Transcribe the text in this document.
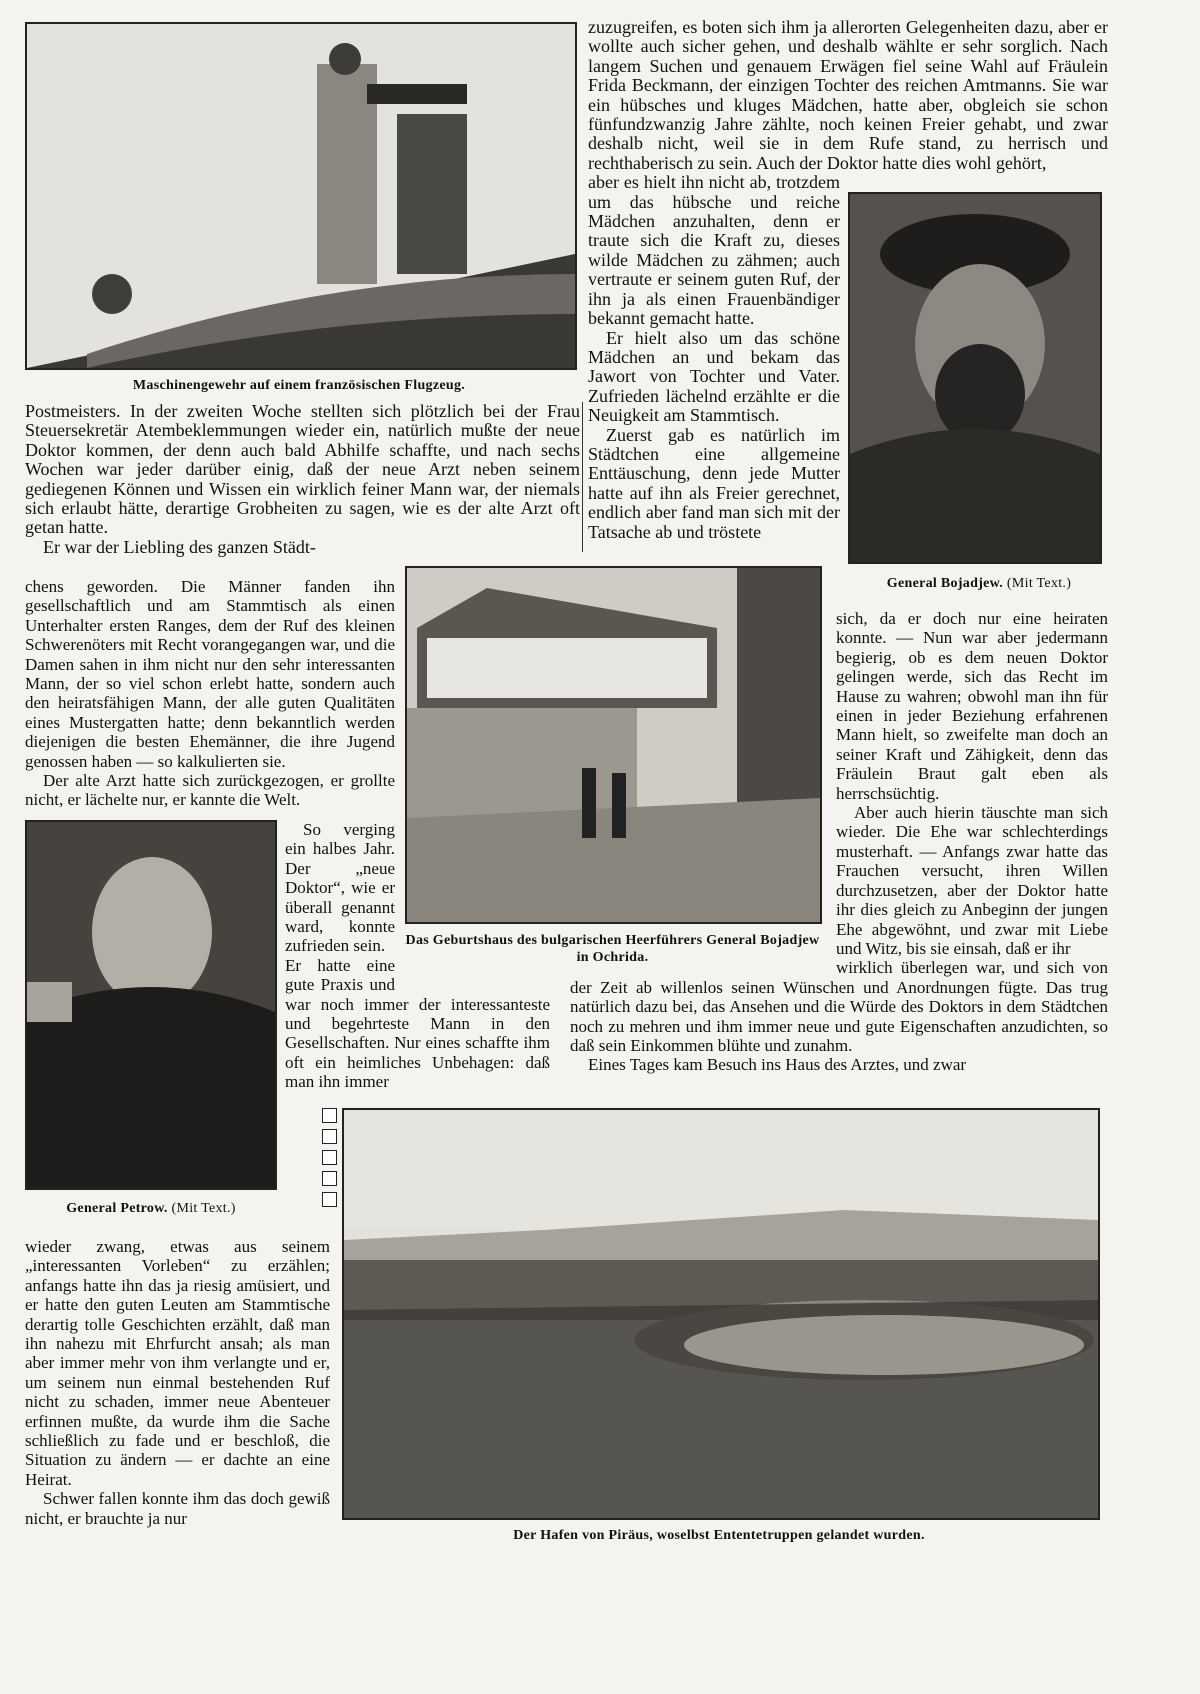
Maschinengewehr auf einem französischen Flugzeug.

zuzugreifen, es boten sich ihm ja allerorten Gelegenheiten dazu, aber er wollte auch sicher gehen, und deshalb wählte er sehr sorglich. Nach langem Suchen und genauem Erwägen fiel seine Wahl auf Fräulein Frida Beckmann, der einzigen Tochter des reichen Amtmanns. Sie war ein hübsches und kluges Mädchen, hatte aber, obgleich sie schon fünfundzwanzig Jahre zählte, noch keinen Freier gehabt, und zwar deshalb nicht, weil sie in dem Rufe stand, zu herrisch und rechthaberisch zu sein. Auch der Doktor hatte dies wohl gehört,

aber es hielt ihn nicht ab, trotzdem um das hübsche und reiche Mädchen anzuhalten, denn er traute sich die Kraft zu, dieses wilde Mädchen zu zähmen; auch vertraute er seinem guten Ruf, der ihn ja als einen Frauenbändiger bekannt gemacht hatte.

Er hielt also um das schöne Mädchen an und bekam das Jawort von Tochter und Vater. Zufrieden lächelnd erzählte er die Neuigkeit am Stammtisch.

Zuerst gab es natürlich im Städtchen eine allgemeine Enttäuschung, denn jede Mutter hatte auf ihn als Freier gerechnet, endlich aber fand man sich mit der Tatsache ab und tröstete

General Bojadjew. (Mit Text.)

Postmeisters. In der zweiten Woche stellten sich plötzlich bei der Frau Steuersekretär Atembeklemmungen wieder ein, natürlich mußte der neue Doktor kommen, der denn auch bald Abhilfe schaffte, und nach sechs Wochen war jeder darüber einig, daß der neue Arzt neben seinem gediegenen Können und Wissen ein wirklich feiner Mann war, der niemals sich erlaubt hätte, derartige Grobheiten zu sagen, wie es der alte Arzt oft getan hatte.

Er war der Liebling des ganzen Städt-

chens geworden. Die Männer fanden ihn gesellschaftlich und am Stammtisch als einen Unterhalter ersten Ranges, dem der Ruf des kleinen Schwerenöters mit Recht vorangegangen war, und die Damen sahen in ihm nicht nur den sehr interessanten Mann, der so viel schon erlebt hatte, sondern auch den heiratsfähigen Mann, der alle guten Qualitäten eines Mustergatten hatte; denn bekanntlich werden diejenigen die besten Ehemänner, die ihre Jugend genossen haben — so kalkulierten sie.

Der alte Arzt hatte sich zurückgezogen, er grollte nicht, er lächelte nur, er kannte die Welt.

General Petrow. (Mit Text.)

So verging ein halbes Jahr. Der „neue Doktor“, wie er überall genannt ward, konnte zufrieden sein.

Er hatte eine gute Praxis und war noch immer der interessanteste und begehrteste Mann in den Gesellschaften. Nur eines schaffte ihm oft ein heimliches Unbehagen: daß man ihn immer

wieder zwang, etwas aus seinem „interessanten Vorleben“ zu erzählen; anfangs hatte ihn das ja riesig amüsiert, und er hatte den guten Leuten am Stammtische derartig tolle Geschichten erzählt, daß man ihn nahezu mit Ehrfurcht ansah; als man aber immer mehr von ihm verlangte und er, um seinem nun einmal bestehenden Ruf nicht zu schaden, immer neue Abenteuer erfinnen mußte, da wurde ihm die Sache schließlich zu fade und er beschloß, die Situation zu ändern — er dachte an eine Heirat.

Schwer fallen konnte ihm das doch gewiß nicht, er brauchte ja nur

Das Geburtshaus des bulgarischen Heerführers General Bojadjew in Ochrida.

sich, da er doch nur eine heiraten konnte. — Nun war aber jedermann begierig, ob es dem neuen Doktor gelingen werde, sich das Recht im Hause zu wahren; obwohl man ihn für einen in jeder Beziehung erfahrenen Mann hielt, so zweifelte man doch an seiner Kraft und Zähigkeit, denn das Fräulein Braut galt eben als herrschsüchtig.

Aber auch hierin täuschte man sich wieder. Die Ehe war schlechterdings musterhaft. — Anfangs zwar hatte das Frauchen versucht, ihren Willen durchzusetzen, aber der Doktor hatte ihr dies gleich zu Anbeginn der jungen Ehe abgewöhnt, und zwar mit Liebe und Witz, bis sie einsah, daß er ihr

wirklich überlegen war, und sich von der Zeit ab willenlos seinen Wünschen und Anordnungen fügte. Das trug natürlich dazu bei, das Ansehen und die Würde des Doktors in dem Städtchen noch zu mehren und ihm immer neue und gute Eigenschaften anzudichten, so daß sein Einkommen blühte und zunahm.

Eines Tages kam Besuch ins Haus des Arztes, und zwar

Der Hafen von Piräus, woselbst Ententetruppen gelandet wurden.
